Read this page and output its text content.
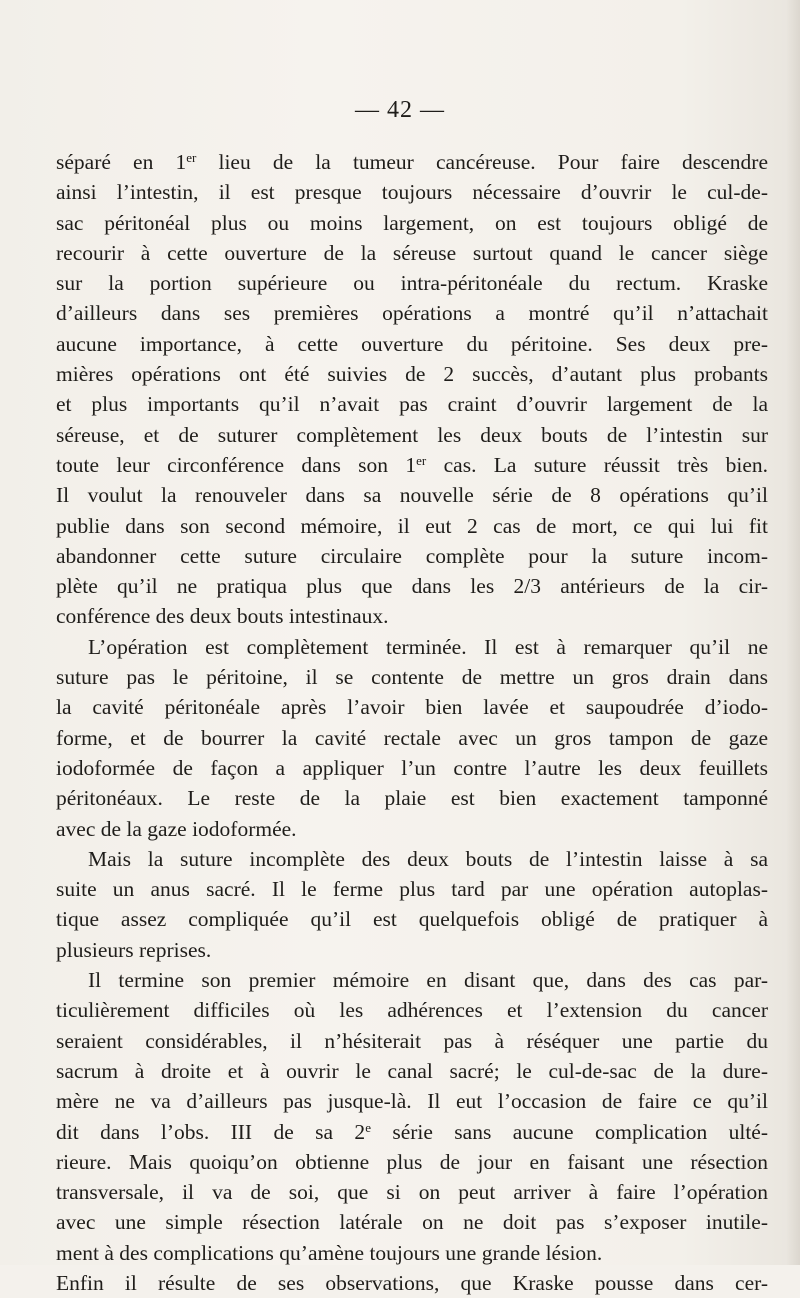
— 42 —
séparé en 1er lieu de la tumeur cancéreuse. Pour faire descendre
ainsi l’intestin, il est presque toujours nécessaire d’ouvrir le cul-de-
sac péritonéal plus ou moins largement, on est toujours obligé de
recourir à cette ouverture de la séreuse surtout quand le cancer siège
sur la portion supérieure ou intra-péritonéale du rectum. Kraske
d’ailleurs dans ses premières opérations a montré qu’il n’attachait
aucune importance, à cette ouverture du péritoine. Ses deux pre-
mières opérations ont été suivies de 2 succès, d’autant plus probants
et plus importants qu’il n’avait pas craint d’ouvrir largement de la
séreuse, et de suturer complètement les deux bouts de l’intestin sur
toute leur circonférence dans son 1er cas. La suture réussit très bien.
Il voulut la renouveler dans sa nouvelle série de 8 opérations qu’il
publie dans son second mémoire, il eut 2 cas de mort, ce qui lui fit
abandonner cette suture circulaire complète pour la suture incom-
plète qu’il ne pratiqua plus que dans les 2/3 antérieurs de la cir-
conférence des deux bouts intestinaux.
L’opération est complètement terminée. Il est à remarquer qu’il ne
suture pas le péritoine, il se contente de mettre un gros drain dans
la cavité péritonéale après l’avoir bien lavée et saupoudrée d’iodo-
forme, et de bourrer la cavité rectale avec un gros tampon de gaze
iodoformée de façon a appliquer l’un contre l’autre les deux feuillets
péritonéaux. Le reste de la plaie est bien exactement tamponné
avec de la gaze iodoformée.
Mais la suture incomplète des deux bouts de l’intestin laisse à sa
suite un anus sacré. Il le ferme plus tard par une opération autoplas-
tique assez compliquée qu’il est quelquefois obligé de pratiquer à
plusieurs reprises.
Il termine son premier mémoire en disant que, dans des cas par-
ticulièrement difficiles où les adhérences et l’extension du cancer
seraient considérables, il n’hésiterait pas à réséquer une partie du
sacrum à droite et à ouvrir le canal sacré; le cul-de-sac de la dure-
mère ne va d’ailleurs pas jusque-là. Il eut l’occasion de faire ce qu’il
dit dans l’obs. III de sa 2e série sans aucune complication ulté-
rieure. Mais quoiqu’on obtienne plus de jour en faisant une résection
transversale, il va de soi, que si on peut arriver à faire l’opération
avec une simple résection latérale on ne doit pas s’exposer inutile-
ment à des complications qu’amène toujours une grande lésion.
Enfin il résulte de ses observations, que Kraske pousse dans cer-
